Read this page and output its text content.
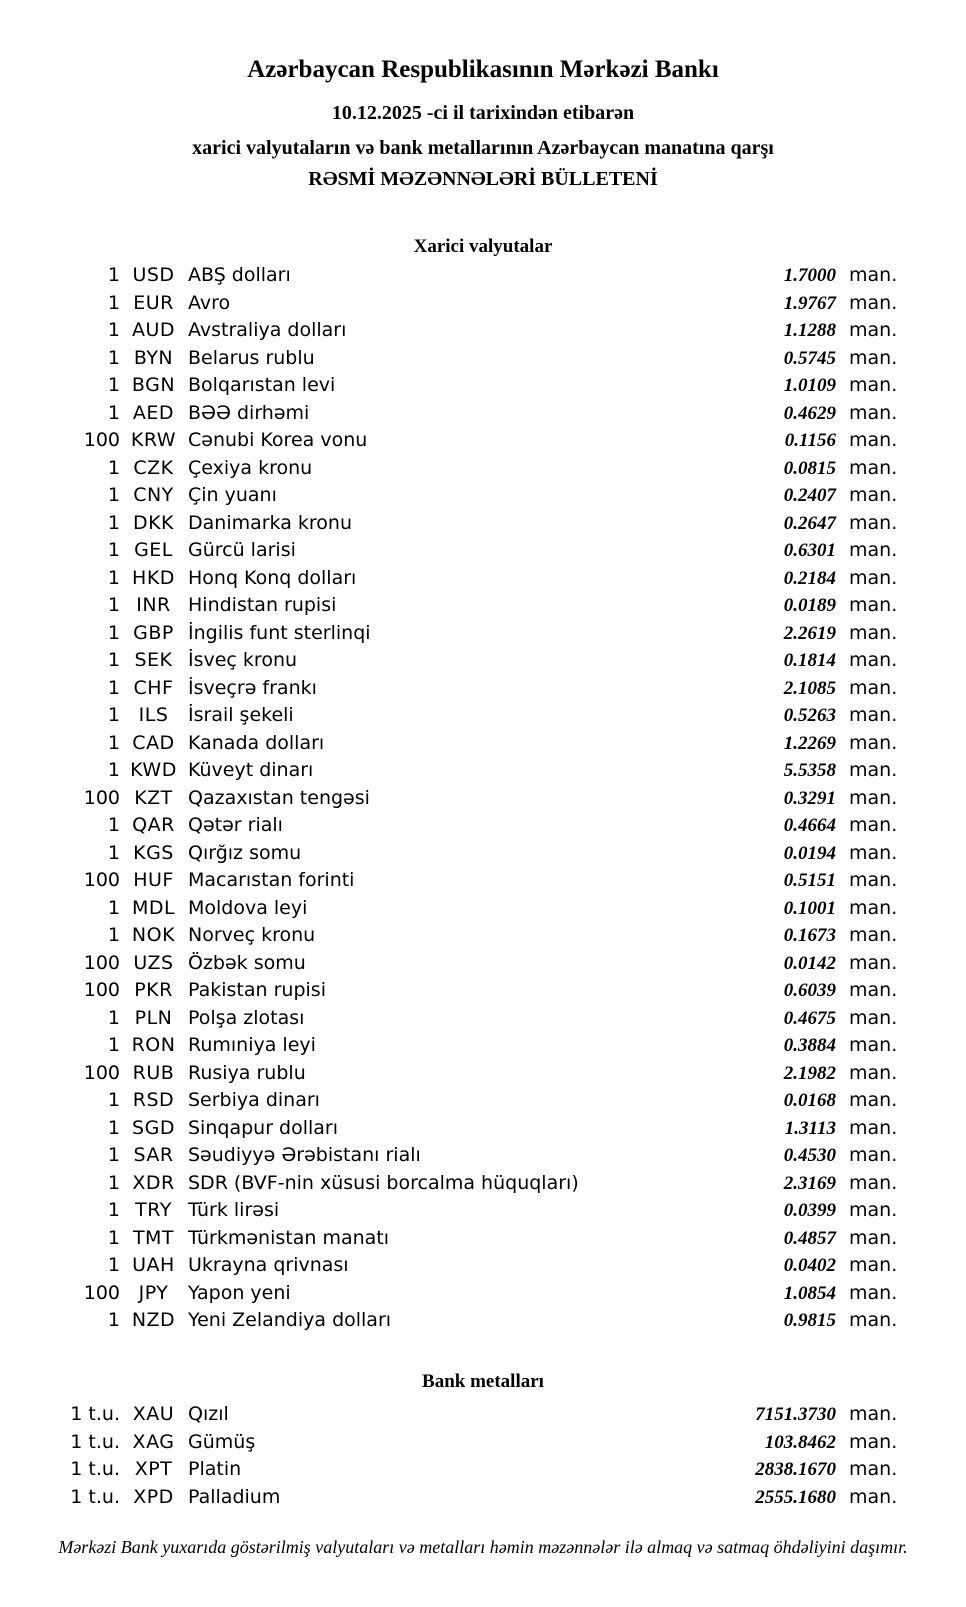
Azərbaycan Respublikasının Mərkəzi Bankı
10.12.2025 -ci il tarixindən etibarən
xarici valyutaların və bank metallarının Azərbaycan manatına qarşı
RƏSMİ MƏZƏNNƏLƏRİ BÜLLETENİ
Xarici valyutalar
1 USD ABŞ dolları	1.7000 man.
1 EUR Avro	1.9767 man.
1 AUD Avstraliya dolları	1.1288 man.
1 BYN Belarus rublu	0.5745 man.
1 BGN Bolqarıstan levi	1.0109 man.
1 AED BƏƏ dirhəmi	0.4629 man.
100 KRW Cənubi Korea vonu	0.1156 man.
1 CZK Çexiya kronu	0.0815 man.
1 CNY Çin yuanı	0.2407 man.
1 DKK Danimarka kronu	0.2647 man.
1 GEL Gürcü larisi	0.6301 man.
1 HKD Honq Konq dolları	0.2184 man.
1 INR Hindistan rupisi	0.0189 man.
1 GBP İngilis funt sterlinqi	2.2619 man.
1 SEK İsveç kronu	0.1814 man.
1 CHF İsveçrə frankı	2.1085 man.
1 ILS	İsrail şekeli	0.5263 man.
1 CAD Kanada dolları	1.2269 man.
1 KWD Küveyt dinarı	5.5358 man.
100 KZT Qazaxıstan tengəsi	0.3291 man.
1 QAR Qətər rialı	0.4664 man.
1 KGS Qırğız somu	0.0194 man.
100 HUF Macarıstan forinti	0.5151 man.
1 MDL Moldova leyi	0.1001 man.
1 NOK Norveç kronu	0.1673 man.
100 UZS Özbək somu	0.0142 man.
100 PKR Pakistan rupisi	0.6039 man.
1 PLN Polşa zlotası	0.4675 man.
1 RON Rumıniya leyi	0.3884 man.
100 RUB Rusiya rublu	2.1982 man.
1 RSD Serbiya dinarı	0.0168 man.
1 SGD Sinqapur dolları	1.3113 man.
1 SAR Səudiyyə Ərəbistanı rialı	0.4530 man.
1 XDR SDR (BVF-nin xüsusi borcalma hüquqları)	2.3169 man.
1 TRY Türk lirəsi	0.0399 man.
1 TMT Türkmənistan manatı	0.4857 man.
1 UAH Ukrayna qrivnası	0.0402 man.
100 JPY	Yapon yeni	1.0854 man.
1 NZD Yeni Zelandiya dolları	0.9815 man.
Bank metalları
1 t.u. XAU Qızıl	7151.3730 man.
1 t.u. XAG Gümüş	103.8462 man.
1 t.u. XPT Platin	2838.1670 man.
1 t.u. XPD Palladium	2555.1680 man.
Mərkəzi Bank yuxarıda göstərilmiş valyutaları və metalları həmin məzənnələr ilə almaq və satmaq öhdəliyini daşımır.
